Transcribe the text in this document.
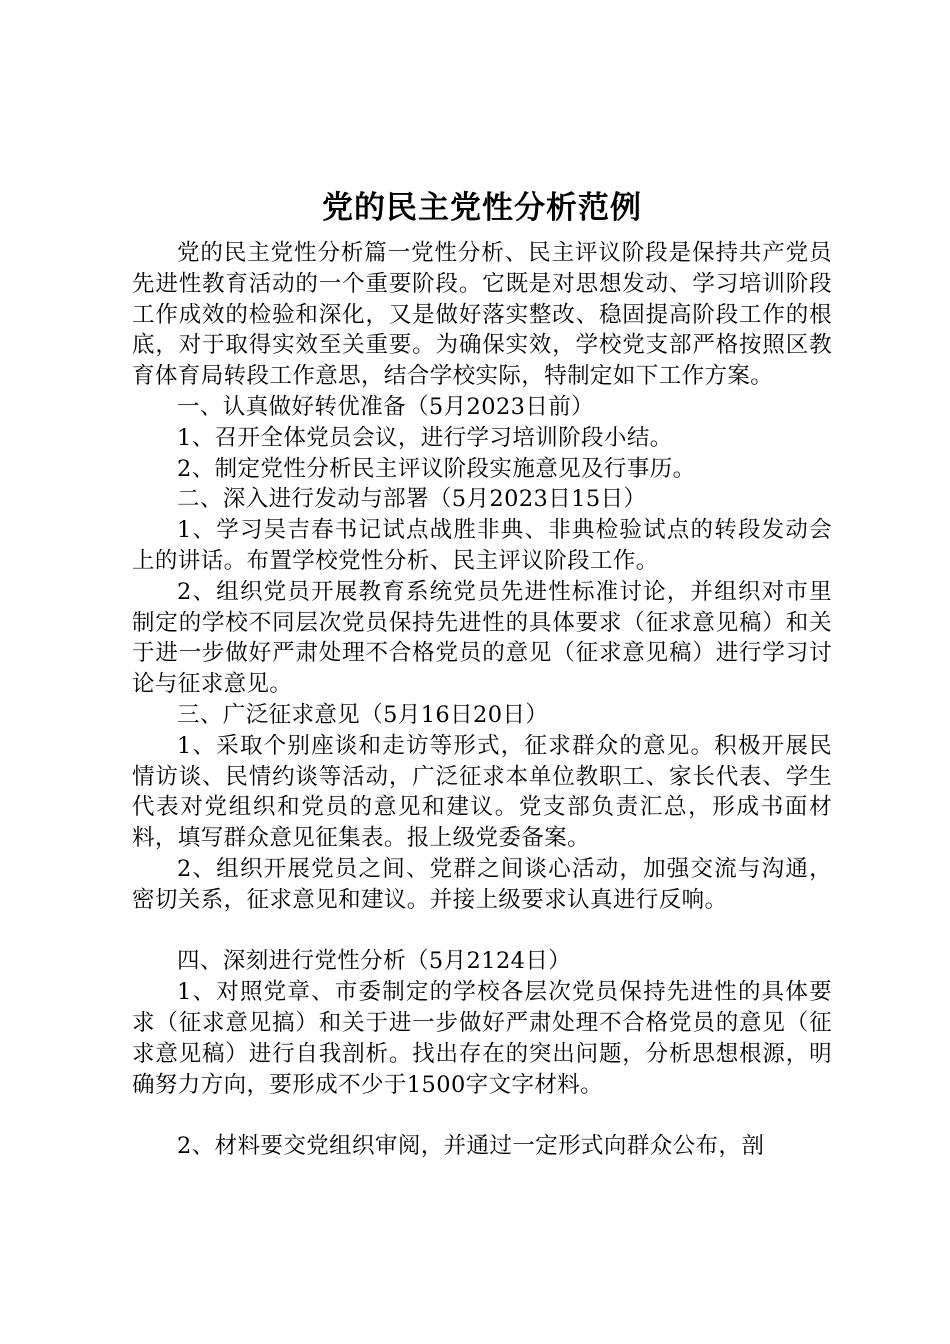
党的民主党性分析范例

党的民主党性分析篇一党性分析、民主评议阶段是保持共产党员先进性教育活动的一个重要阶段。它既是对思想发动、学习培训阶段工作成效的检验和深化，又是做好落实整改、稳固提高阶段工作的根底，对于取得实效至关重要。为确保实效，学校党支部严格按照区教育体育局转段工作意思，结合学校实际，特制定如下工作方案。

一、认真做好转优准备（5月2023日前）

1、召开全体党员会议，进行学习培训阶段小结。

2、制定党性分析民主评议阶段实施意见及行事历。

二、深入进行发动与部署（5月2023日15日）

1、学习吴吉春书记试点战胜非典、非典检验试点的转段发动会上的讲话。布置学校党性分析、民主评议阶段工作。

2、组织党员开展教育系统党员先进性标准讨论，并组织对市里制定的学校不同层次党员保持先进性的具体要求（征求意见稿）和关于进一步做好严肃处理不合格党员的意见（征求意见稿）进行学习讨论与征求意见。

三、广泛征求意见（5月16日20日）

1、采取个别座谈和走访等形式，征求群众的意见。积极开展民情访谈、民情约谈等活动，广泛征求本单位教职工、家长代表、学生代表对党组织和党员的意见和建议。党支部负责汇总，形成书面材料，填写群众意见征集表。报上级党委备案。

2、组织开展党员之间、党群之间谈心活动，加强交流与沟通，密切关系，征求意见和建议。并接上级要求认真进行反响。

四、深刻进行党性分析（5月2124日）

1、对照党章、市委制定的学校各层次党员保持先进性的具体要求（征求意见搞）和关于进一步做好严肃处理不合格党员的意见（征求意见稿）进行自我剖析。找出存在的突出问题，分析思想根源，明确努力方向，要形成不少于1500字文字材料。

2、材料要交党组织审阅，并通过一定形式向群众公布，剖
